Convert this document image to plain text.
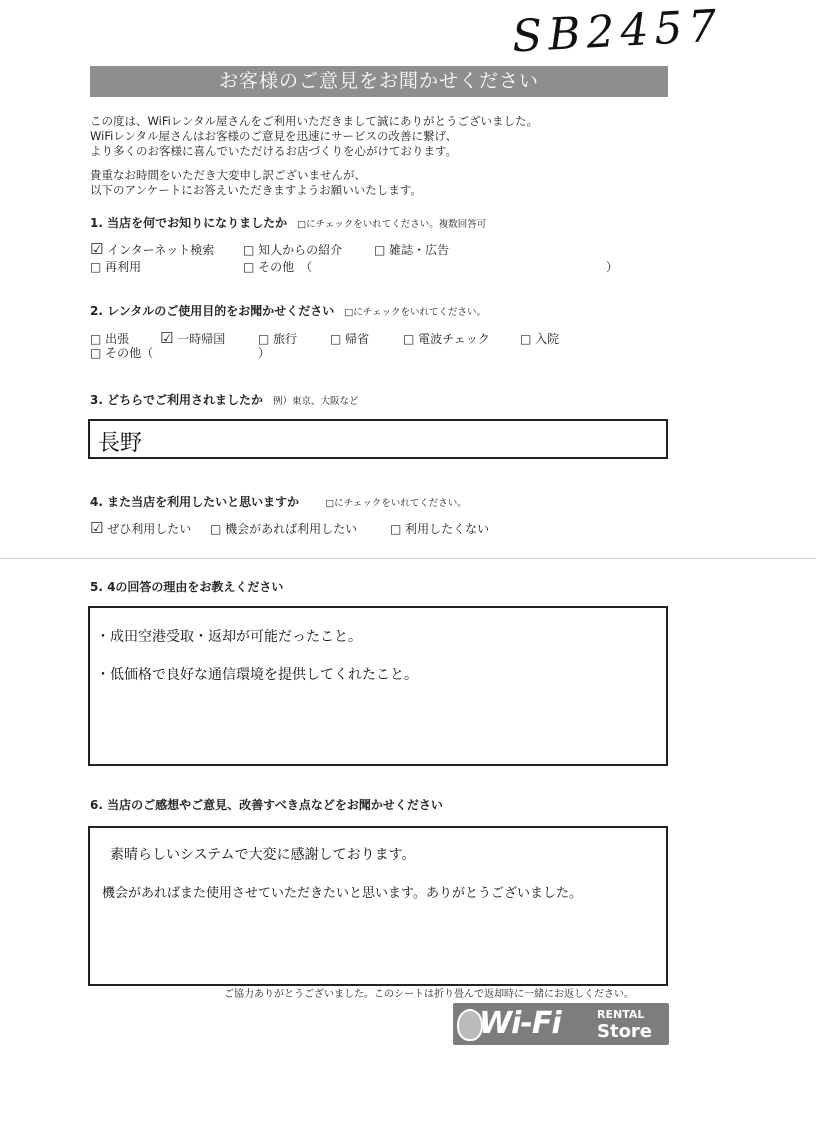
SB2457
お客様のご意見をお聞かせください
この度は、WiFiレンタル屋さんをご利用いただきまして誠にありがとうございました。
WiFiレンタル屋さんはお客様のご意見を迅速にサービスの改善に繋げ、
より多くのお客様に喜んでいただけるお店づくりを心がけております。
貴重なお時間をいただき大変申し訳ございませんが、
以下のアンケートにお答えいただきますようお願いいたします。
1. 当店を何でお知りになりましたか □にチェックをいれてください。複数回答可
☑ インターネット検索 □ 知人からの紹介	□ 雑誌・広告
□ 再利用	□ その他　（	）
2. レンタルのご使用目的をお聞かせください □にチェックをいれてください。
□ 出張 ☑ 一時帰国	□ 旅行	□ 帰省	□ 電波チェック	□ 入院
□ その他（	）
3. どちらでご利用されましたか 例）東京、大阪など
長野
4. また当店を利用したいと思いますか	□にチェックをいれてください。
☑ ぜひ利用したい □ 機会があれば利用したい	□ 利用したくない
5. 4の回答の理由をお教えください
・成田空港受取・返却が可能だったこと。
・低価格で良好な通信環境を提供してくれたこと。
6. 当店のご感想やご意見、改善すべき点などをお聞かせください
素晴らしいシステムで大変に感謝しております。
機会があればまた使用させていただきたいと思います。ありがとうございました。
ご協力ありがとうございました。このシートは折り畳んで返却時に一緒にお返しください。
Wi-Fi	RENTAL
Store
